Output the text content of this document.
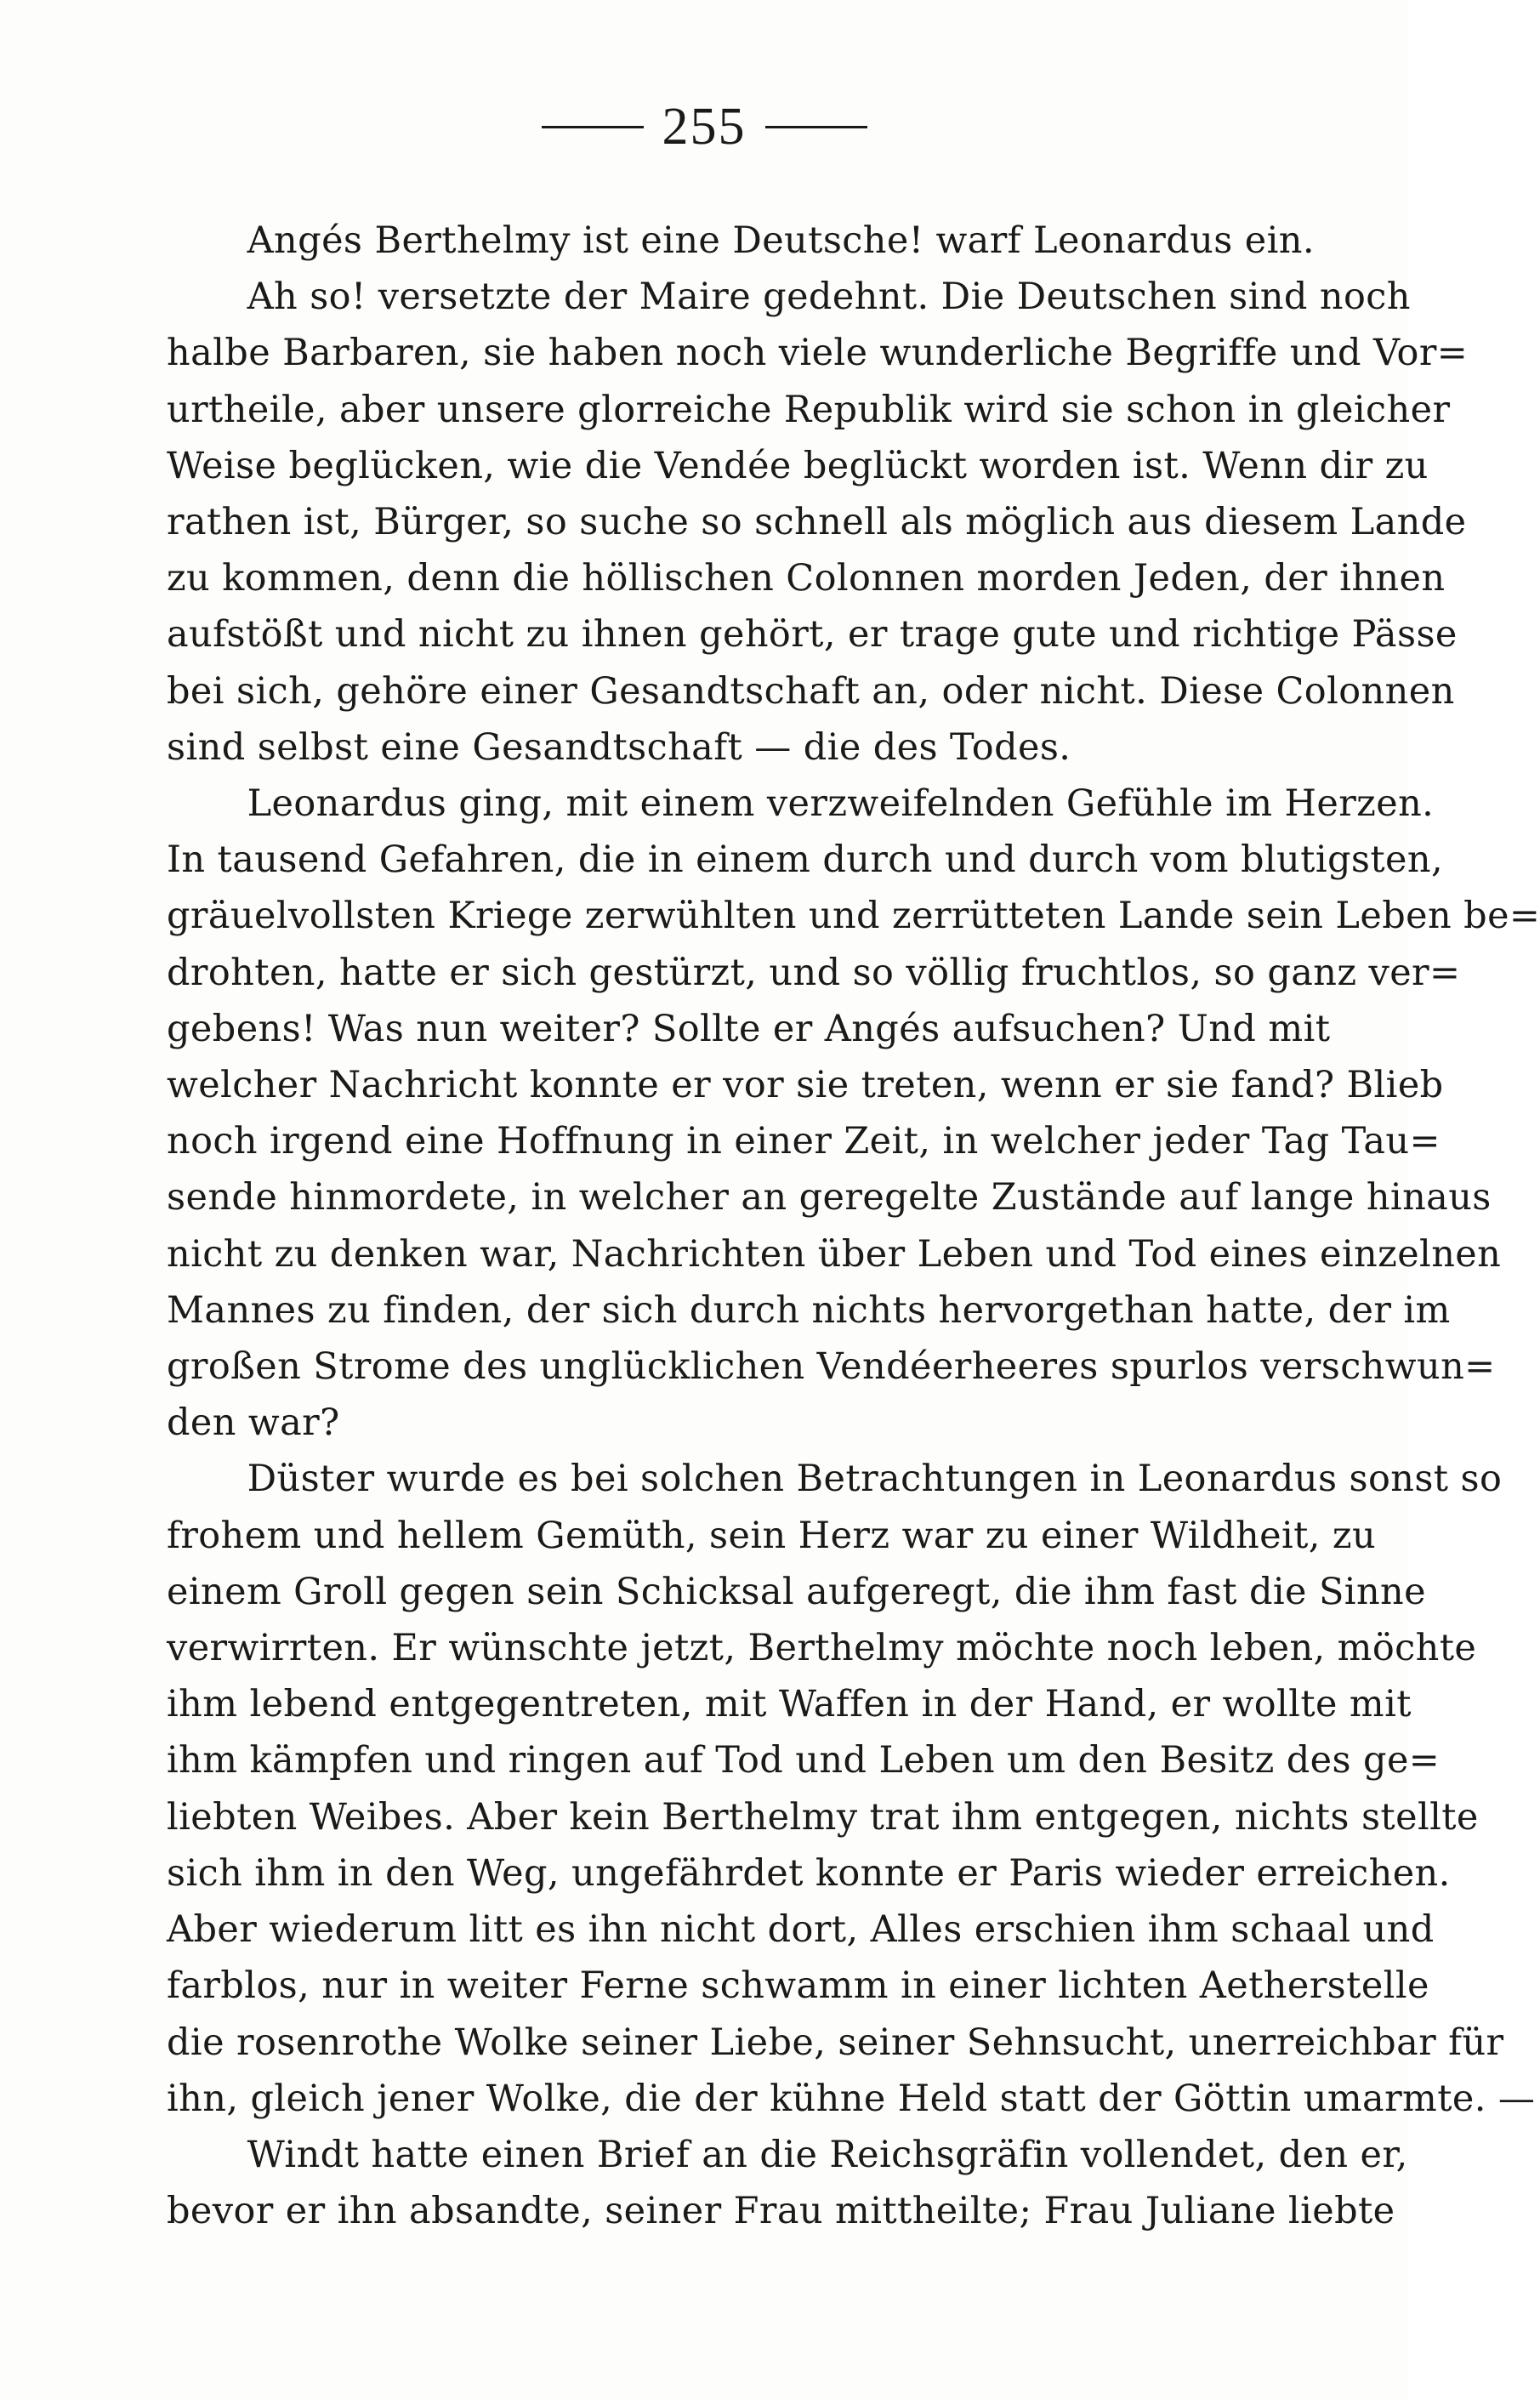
255

Angés Berthelmy ist eine Deutsche! warf Leonardus ein.

Ah so! versetzte der Maire gedehnt. Die Deutschen sind noch
halbe Barbaren, sie haben noch viele wunderliche Begriffe und Vor=
urtheile, aber unsere glorreiche Republik wird sie schon in gleicher
Weise beglücken, wie die Vendée beglückt worden ist. Wenn dir zu
rathen ist, Bürger, so suche so schnell als möglich aus diesem Lande
zu kommen, denn die höllischen Colonnen morden Jeden, der ihnen
aufstößt und nicht zu ihnen gehört, er trage gute und richtige Pässe
bei sich, gehöre einer Gesandtschaft an, oder nicht. Diese Colonnen
sind selbst eine Gesandtschaft — die des Todes.

Leonardus ging, mit einem verzweifelnden Gefühle im Herzen.
In tausend Gefahren, die in einem durch und durch vom blutigsten,
gräuelvollsten Kriege zerwühlten und zerrütteten Lande sein Leben be=
drohten, hatte er sich gestürzt, und so völlig fruchtlos, so ganz ver=
gebens! Was nun weiter? Sollte er Angés aufsuchen? Und mit
welcher Nachricht konnte er vor sie treten, wenn er sie fand? Blieb
noch irgend eine Hoffnung in einer Zeit, in welcher jeder Tag Tau=
sende hinmordete, in welcher an geregelte Zustände auf lange hinaus
nicht zu denken war, Nachrichten über Leben und Tod eines einzelnen
Mannes zu finden, der sich durch nichts hervorgethan hatte, der im
großen Strome des unglücklichen Vendéerheeres spurlos verschwun=
den war?

Düster wurde es bei solchen Betrachtungen in Leonardus sonst so
frohem und hellem Gemüth, sein Herz war zu einer Wildheit, zu
einem Groll gegen sein Schicksal aufgeregt, die ihm fast die Sinne
verwirrten. Er wünschte jetzt, Berthelmy möchte noch leben, möchte
ihm lebend entgegentreten, mit Waffen in der Hand, er wollte mit
ihm kämpfen und ringen auf Tod und Leben um den Besitz des ge=
liebten Weibes. Aber kein Berthelmy trat ihm entgegen, nichts stellte
sich ihm in den Weg, ungefährdet konnte er Paris wieder erreichen.
Aber wiederum litt es ihn nicht dort, Alles erschien ihm schaal und
farblos, nur in weiter Ferne schwamm in einer lichten Aetherstelle
die rosenrothe Wolke seiner Liebe, seiner Sehnsucht, unerreichbar für
ihn, gleich jener Wolke, die der kühne Held statt der Göttin umarmte. —

Windt hatte einen Brief an die Reichsgräfin vollendet, den er,
bevor er ihn absandte, seiner Frau mittheilte; Frau Juliane liebte
